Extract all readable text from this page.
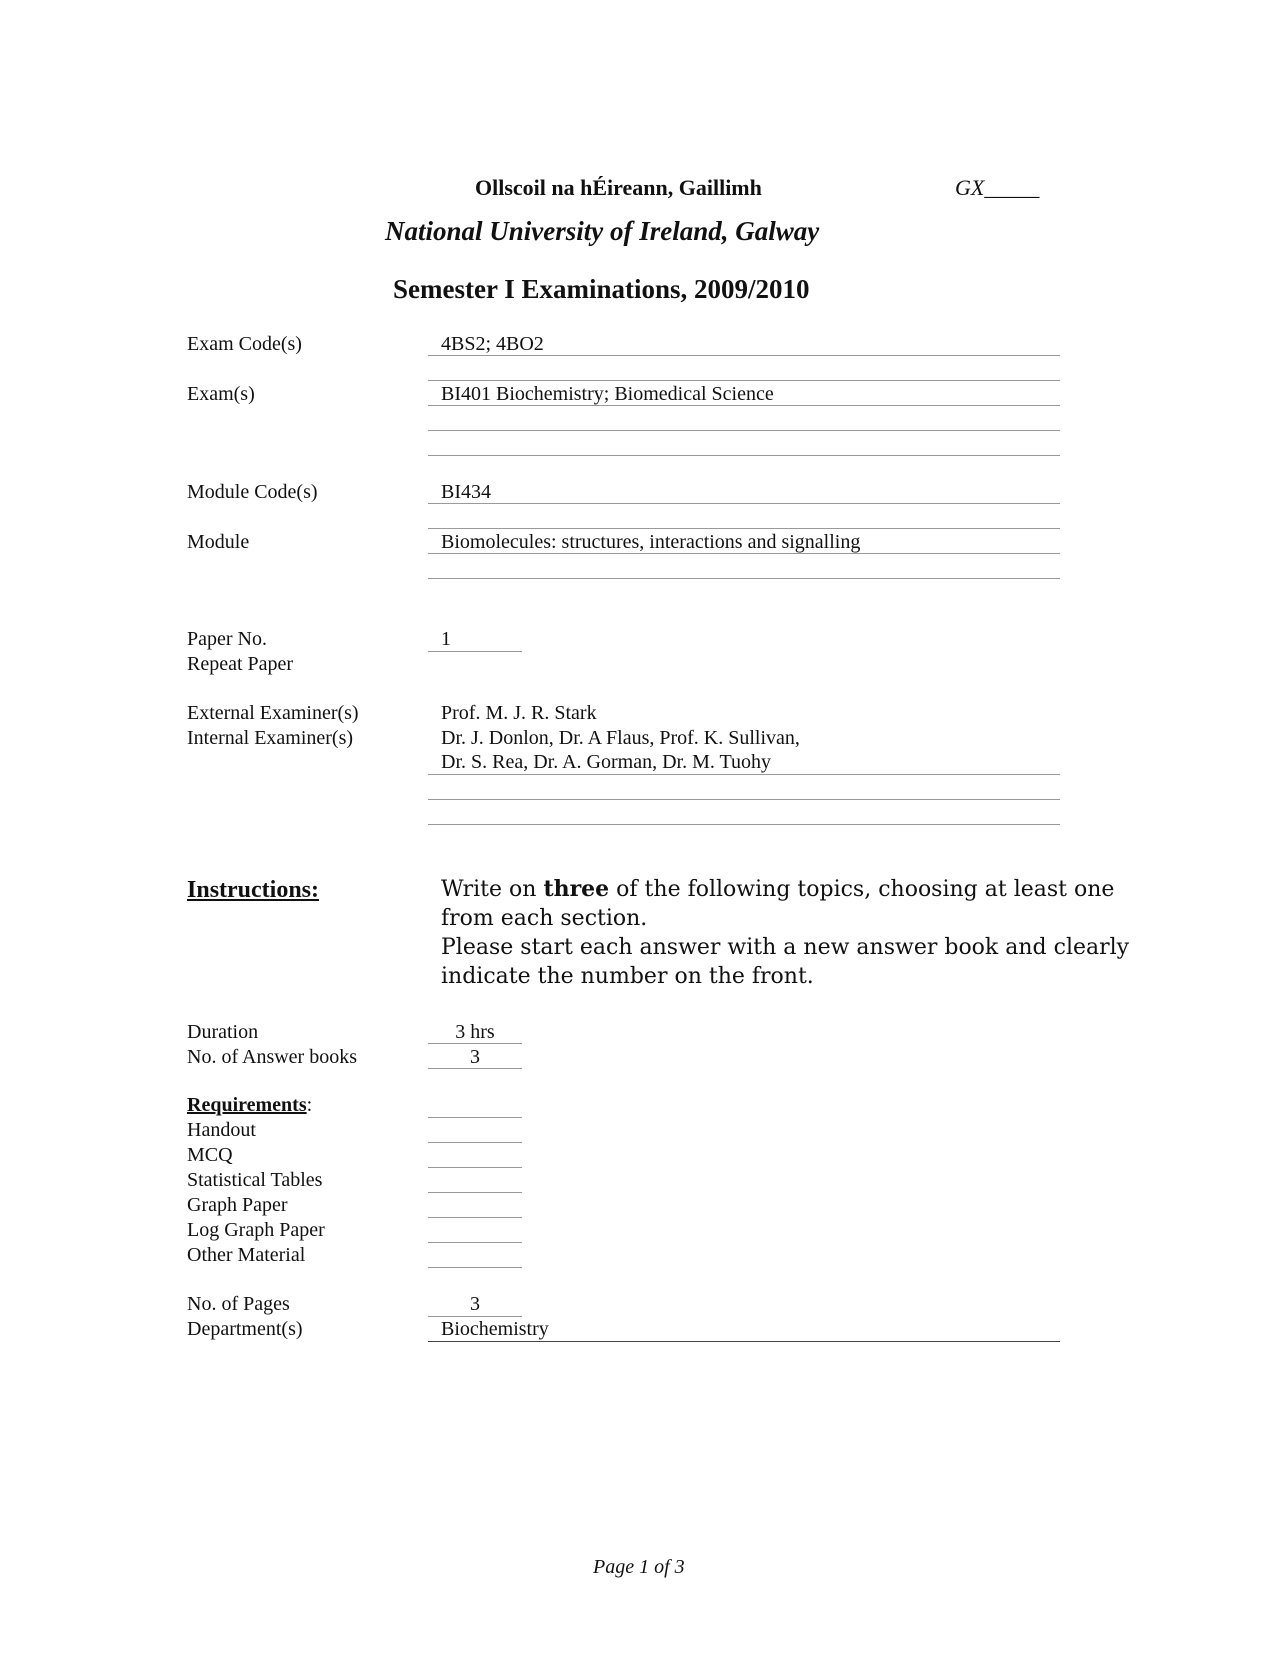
Ollscoil na hÉireann, Gaillimh	GX_____
National University of Ireland, Galway
Semester I Examinations, 2009/2010
Exam Code(s)	4BS2; 4BO2
Exam(s)	BI401 Biochemistry; Biomedical Science
Module Code(s)	BI434
Module	Biomolecules: structures, interactions and signalling
Paper No.	1
Repeat Paper
External Examiner(s)	Prof. M. J. R. Stark
Internal Examiner(s)	Dr. J. Donlon, Dr. A Flaus, Prof. K. Sullivan,
Dr. S. Rea, Dr. A. Gorman, Dr. M. Tuohy
Instructions:	Write on three of the following topics, choosing at least one
from each section.
Please start each answer with a new answer book and clearly
indicate the number on the front.
Duration	3 hrs
No. of Answer books	3
Requirements:
Handout
MCQ
Statistical Tables
Graph Paper
Log Graph Paper
Other Material
No. of Pages	3
Department(s)	Biochemistry
Page 1 of 3
